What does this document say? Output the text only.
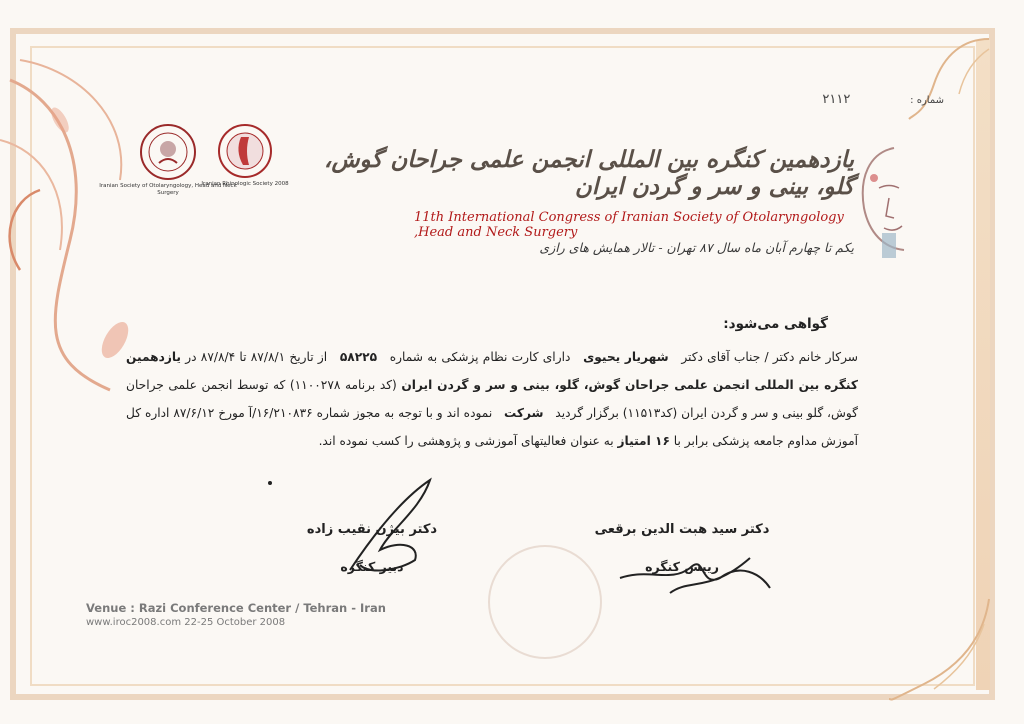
شماره : ۲۱۱۲
Iranian Society of Otolaryngology, Head and Neck Surgery
Iranian Rhinologic Society 2008
یازدهمین کنگره بین المللی انجمن علمی جراحان گوش، گلو، بینی و سر و گردن ایران
11th International Congress of Iranian Society of Otolaryngology ,Head and Neck Surgery
یکم تا چهارم آبان ماه سال ۸۷ تهران - تالار همایش های رازی
گواهی می‌شود:
سرکار خانم دکتر / جناب آقای دکتر   شهریار یحیوی   دارای کارت نظام پزشکی به شماره   ۵۸۲۲۵   از تاریخ ۸۷/۸/۱ تا ۸۷/۸/۴ در یازدهمین کنگره بین المللی انجمن علمی جراحان گوش، گلو، بینی و سر و گردن ایران (کد برنامه ۱۱۰۰۲۷۸) که توسط انجمن علمی جراحان گوش، گلو بینی و سر و گردن ایران (کد۱۱۵۱۳) برگزار گردید   شرکت   نموده اند و با توجه به مجوز شماره ۱۶/۲۱۰۸۳۶/آ مورخ ۸۷/۶/۱۲ اداره کل آموزش مداوم جامعه پزشکی برابر با ۱۶ امتیاز به عنوان فعالیتهای آموزشی و پژوهشی را کسب نموده اند.
دکتر سید هبت الدین برقعی
رییس کنگره
دکتر بیژن نقیب زاده
دبیر کنگره
Venue : Razi Conference Center / Tehran - Iran
www.iroc2008.com 22-25 October 2008
